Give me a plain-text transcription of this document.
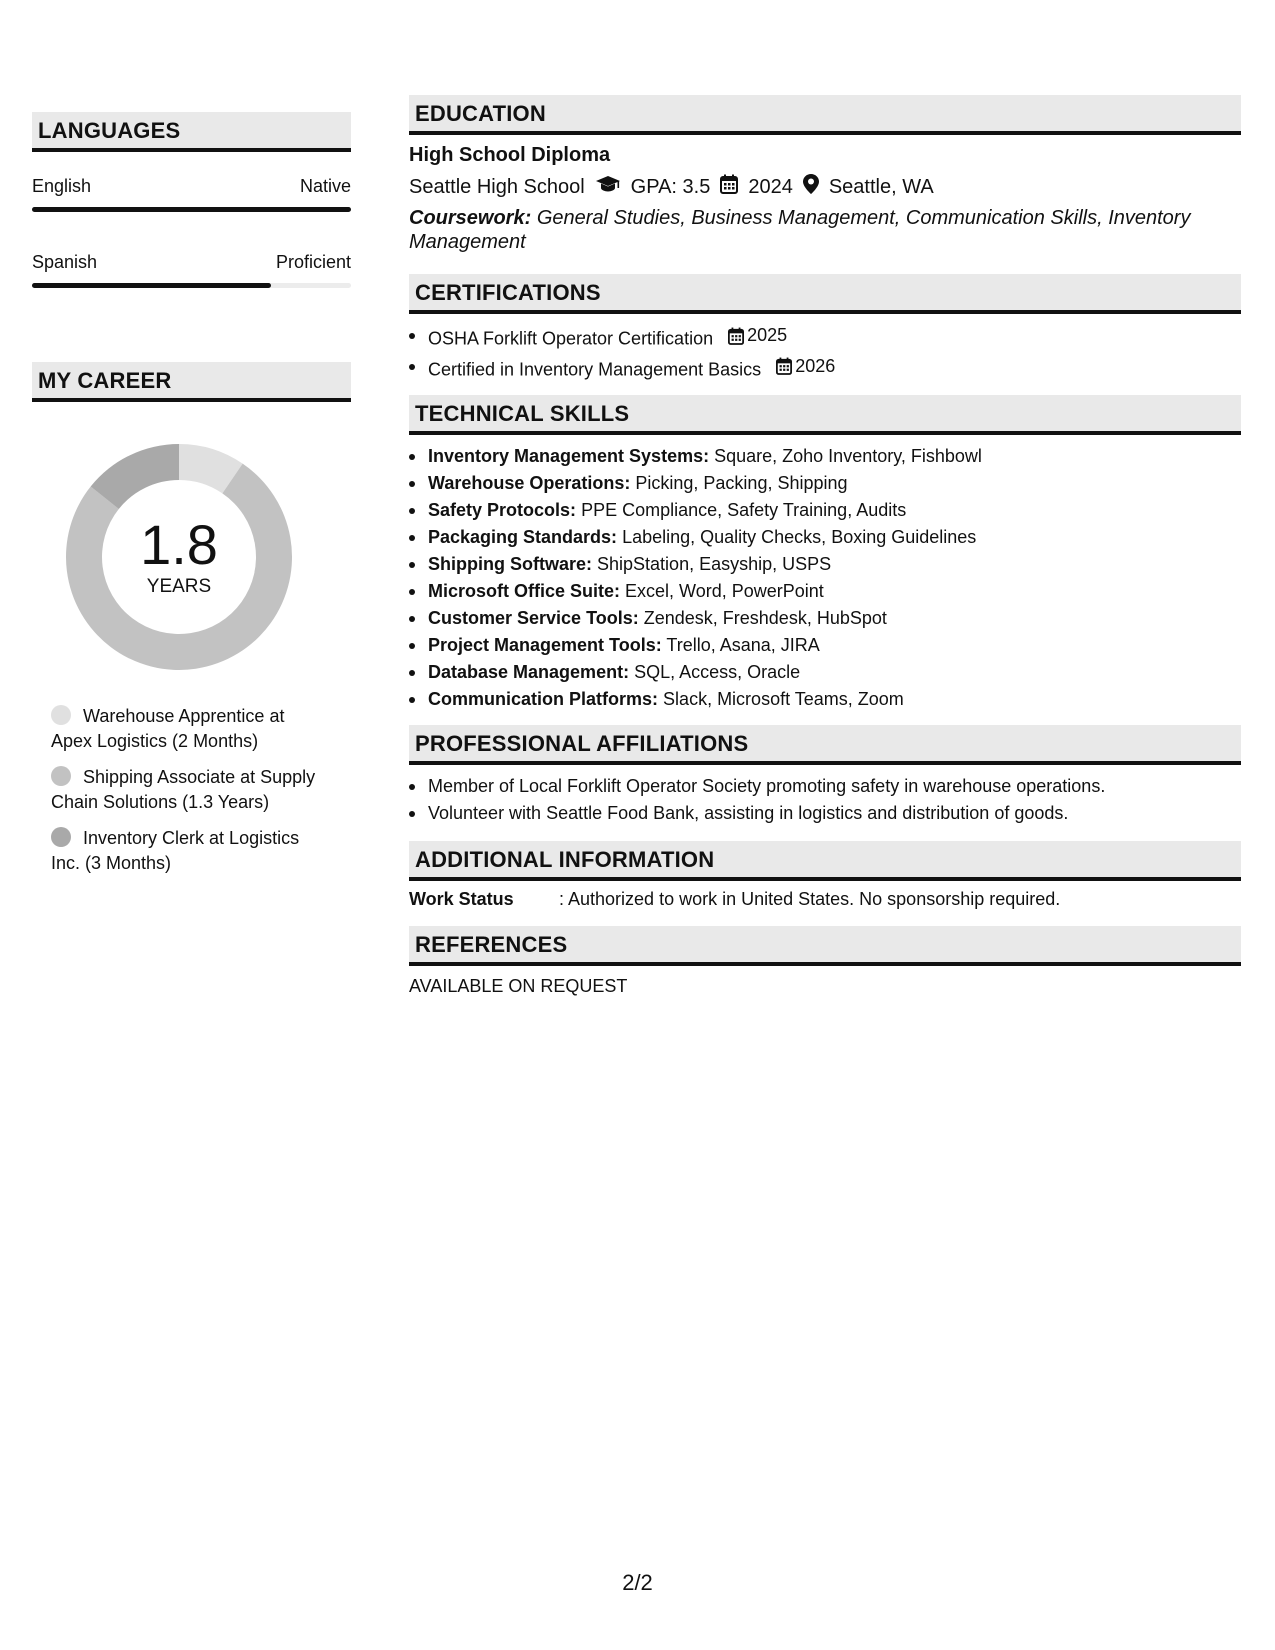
LANGUAGES
English	Native
Spanish	Proficient
MY CAREER
1.8
YEARS
Warehouse Apprentice at Apex Logistics (2 Months)
Shipping Associate at Supply Chain Solutions (1.3 Years)
Inventory Clerk at Logistics Inc. (3 Months)
EDUCATION
High School Diploma
Seattle High School GPA: 3.5 2024 Seattle, WA
Coursework: General Studies, Business Management, Communication Skills, Inventory Management
CERTIFICATIONS
OSHA Forklift Operator Certification 2025
Certified in Inventory Management Basics 2026
TECHNICAL SKILLS
Inventory Management Systems: Square, Zoho Inventory, Fishbowl
Warehouse Operations: Picking, Packing, Shipping
Safety Protocols: PPE Compliance, Safety Training, Audits
Packaging Standards: Labeling, Quality Checks, Boxing Guidelines
Shipping Software: ShipStation, Easyship, USPS
Microsoft Office Suite: Excel, Word, PowerPoint
Customer Service Tools: Zendesk, Freshdesk, HubSpot
Project Management Tools: Trello, Asana, JIRA
Database Management: SQL, Access, Oracle
Communication Platforms: Slack, Microsoft Teams, Zoom
PROFESSIONAL AFFILIATIONS
Member of Local Forklift Operator Society promoting safety in warehouse operations.
Volunteer with Seattle Food Bank, assisting in logistics and distribution of goods.
ADDITIONAL INFORMATION
Work Status	: Authorized to work in United States. No sponsorship required.
REFERENCES
AVAILABLE ON REQUEST
2/2
